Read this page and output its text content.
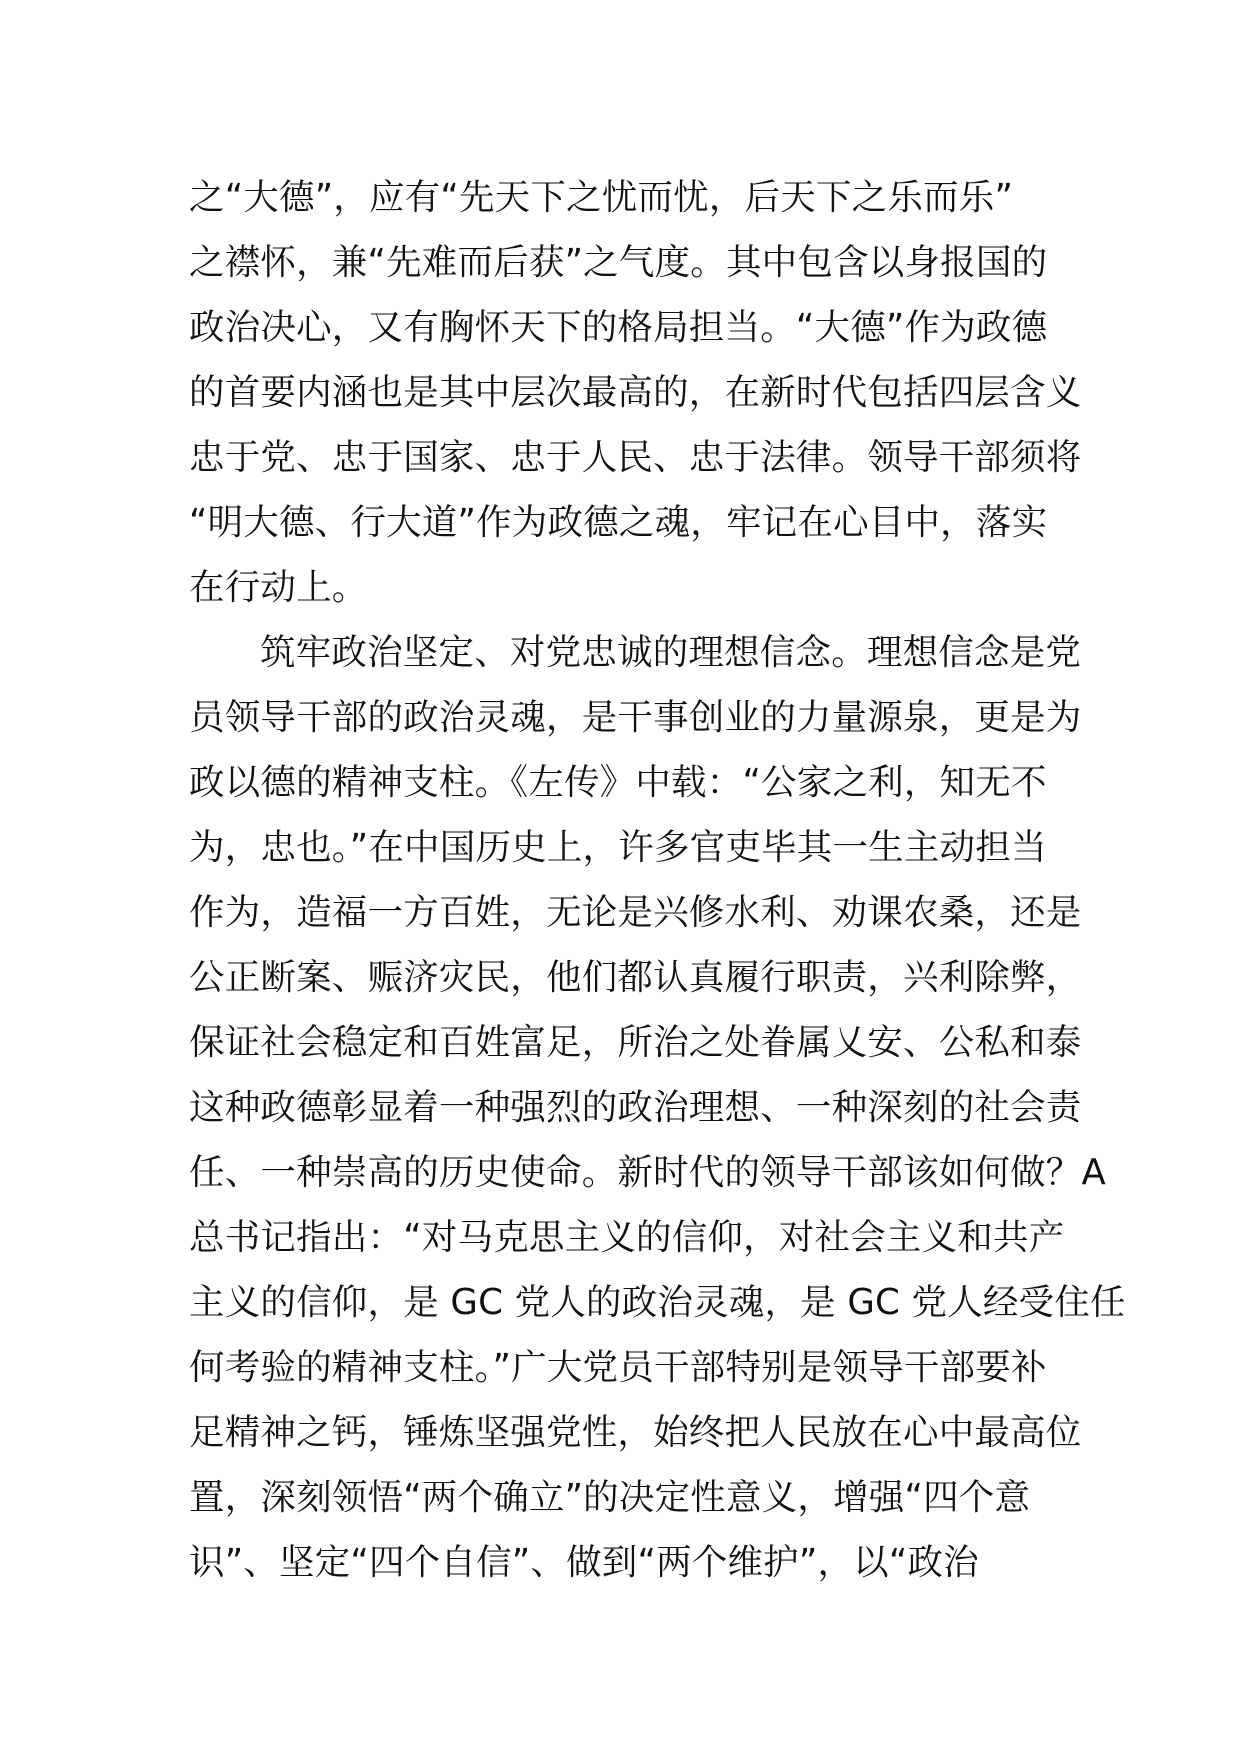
之“大德”，应有“先天下之忧而忧，后天下之乐而乐”
之襟怀，兼“先难而后获”之气度。其中包含以身报国的
政治决心，又有胸怀天下的格局担当。“大德”作为政德
的首要内涵也是其中层次最高的，在新时代包括四层含义
忠于党、忠于国家、忠于人民、忠于法律。领导干部须将
“明大德、行大道”作为政德之魂，牢记在心目中，落实
在行动上。
筑牢政治坚定、对党忠诚的理想信念。理想信念是党
员领导干部的政治灵魂，是干事创业的力量源泉，更是为
政以德的精神支柱。《左传》中载：“公家之利，知无不
为，忠也。”在中国历史上，许多官吏毕其一生主动担当
作为，造福一方百姓，无论是兴修水利、劝课农桑，还是
公正断案、赈济灾民，他们都认真履行职责，兴利除弊，
保证社会稳定和百姓富足，所治之处眷属乂安、公私和泰
这种政德彰显着一种强烈的政治理想、一种深刻的社会责
任、一种崇高的历史使命。新时代的领导干部该如何做？A
总书记指出：“对马克思主义的信仰，对社会主义和共产
主义的信仰，是 GC 党人的政治灵魂，是 GC 党人经受住任
何考验的精神支柱。”广大党员干部特别是领导干部要补
足精神之钙，锤炼坚强党性，始终把人民放在心中最高位
置，深刻领悟“两个确立”的决定性意义，增强“四个意
识”、坚定“四个自信”、做到“两个维护”，以“政治
